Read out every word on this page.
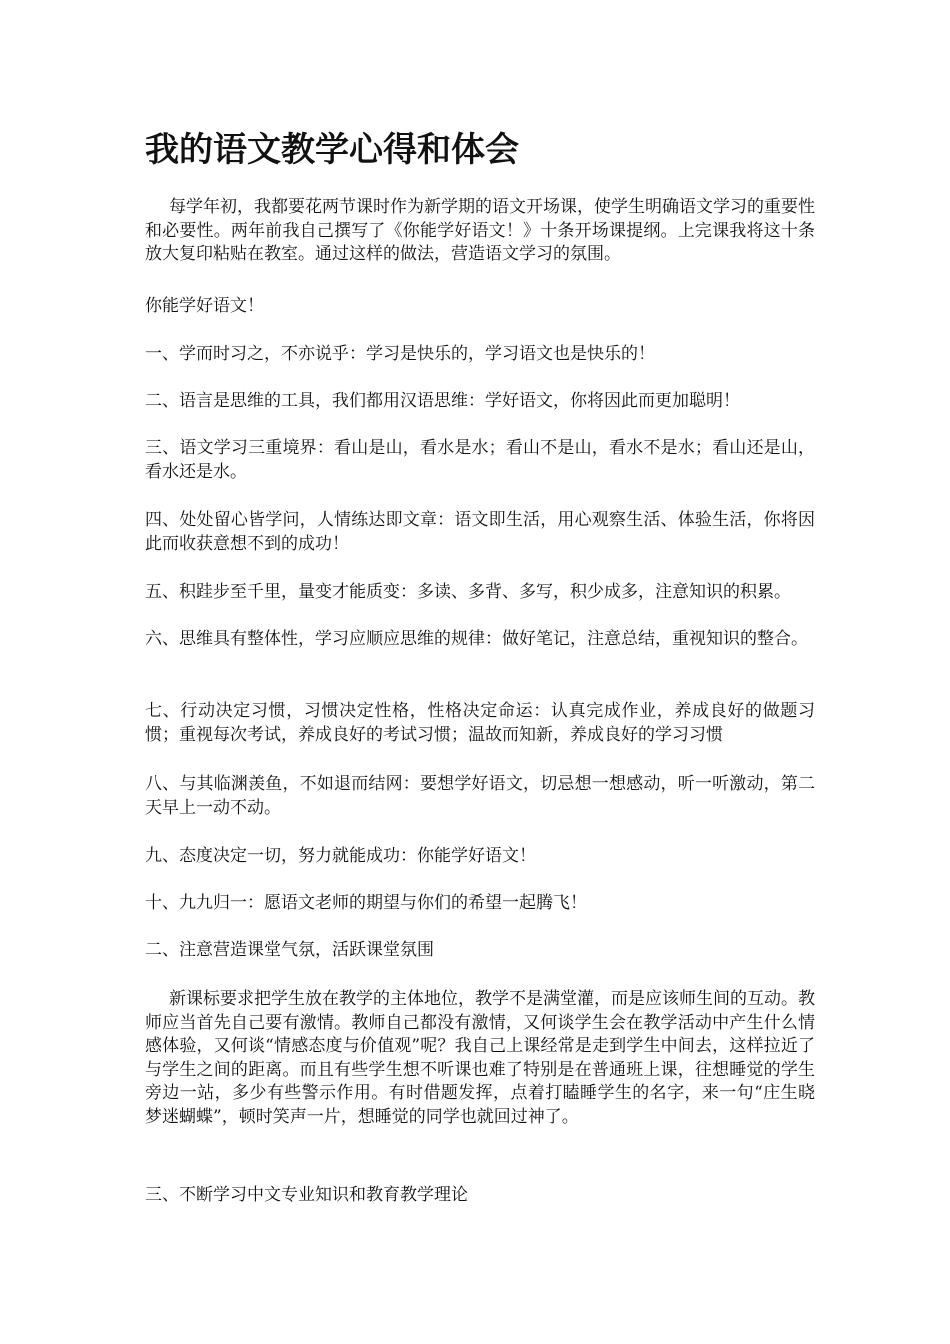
我的语文教学心得和体会

每学年初，我都要花两节课时作为新学期的语文开场课，使学生明确语文学习的重要性和必要性。两年前我自己撰写了《你能学好语文！》十条开场课提纲。上完课我将这十条放大复印粘贴在教室。通过这样的做法，营造语文学习的氛围。

你能学好语文！

一、学而时习之，不亦说乎：学习是快乐的，学习语文也是快乐的！

二、语言是思维的工具，我们都用汉语思维：学好语文，你将因此而更加聪明！

三、语文学习三重境界：看山是山，看水是水；看山不是山，看水不是水；看山还是山，看水还是水。

四、处处留心皆学问，人情练达即文章：语文即生活，用心观察生活、体验生活，你将因此而收获意想不到的成功！

五、积跬步至千里，量变才能质变：多读、多背、多写，积少成多，注意知识的积累。

六、思维具有整体性，学习应顺应思维的规律：做好笔记，注意总结，重视知识的整合。

七、行动决定习惯，习惯决定性格，性格决定命运：认真完成作业，养成良好的做题习惯；重视每次考试，养成良好的考试习惯；温故而知新，养成良好的学习习惯

八、与其临渊羡鱼，不如退而结网：要想学好语文，切忌想一想感动，听一听激动，第二天早上一动不动。

九、态度决定一切，努力就能成功：你能学好语文！

十、九九归一：愿语文老师的期望与你们的希望一起腾飞！

二、注意营造课堂气氛，活跃课堂氛围

新课标要求把学生放在教学的主体地位，教学不是满堂灌，而是应该师生间的互动。教师应当首先自己要有激情。教师自己都没有激情，又何谈学生会在教学活动中产生什么情感体验，又何谈“情感态度与价值观”呢？我自己上课经常是走到学生中间去，这样拉近了与学生之间的距离。而且有些学生想不听课也难了特别是在普通班上课，往想睡觉的学生旁边一站，多少有些警示作用。有时借题发挥，点着打瞌睡学生的名字，来一句“庄生晓梦迷蝴蝶”，顿时笑声一片，想睡觉的同学也就回过神了。

三、不断学习中文专业知识和教育教学理论
